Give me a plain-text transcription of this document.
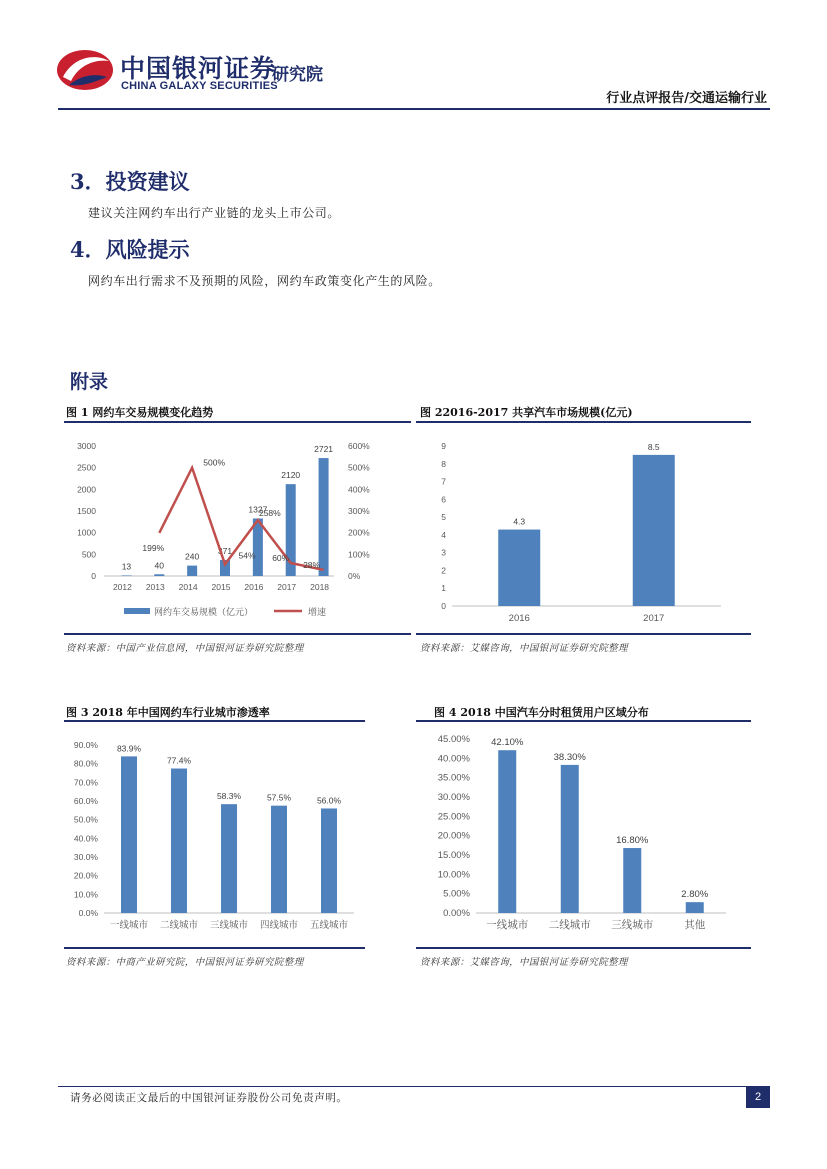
中国银河证券
研究院
CHINA GALAXY SECURITIES
行业点评报告/交通运输行业
3．投资建议
建议关注网约车出行产业链的龙头上市公司。
4．风险提示
网约车出行需求不及预期的风险，网约车政策变化产生的风险。
附录
图 1 网约车交易规模变化趋势
0
500
1000
1500
2000
2500
3000
0%
100%
200%
300%
400%
500%
600%
13
2012
40
2013
240
2014
371
2015
1327
2016
2120
2017
2721
2018
199%
500%
54%
258%
60%
28%
网约车交易规模（亿元）	增速
资料来源：中国产业信息网，中国银河证券研究院整理
图 22016-2017 共享汽车市场规模(亿元)
0
1
2
3
4
5
6
7
8
9
4.3
2016
8.5
2017
资料来源：艾媒咨询，中国银河证券研究院整理
图 3 2018 年中国网约车行业城市渗透率
0.0%
10.0%
20.0%
30.0%
40.0%
50.0%
60.0%
70.0%
80.0%
90.0% 83.9%
一线城市
77.4%
二线城市
58.3%
三线城市
57.5%
四线城市
56.0%
五线城市
资料来源：中商产业研究院，中国银河证券研究院整理
图 4 2018 中国汽车分时租赁用户区域分布
0.00%
5.00%
10.00%
15.00%
20.00%
25.00%
30.00%
35.00%
40.00%
45.00% 42.10%
一线城市
38.30%
二线城市
16.80%
三线城市
2.80%
其他
资料来源：艾媒咨询，中国银河证券研究院整理
请务必阅读正文最后的中国银河证券股份公司免责声明。	2
